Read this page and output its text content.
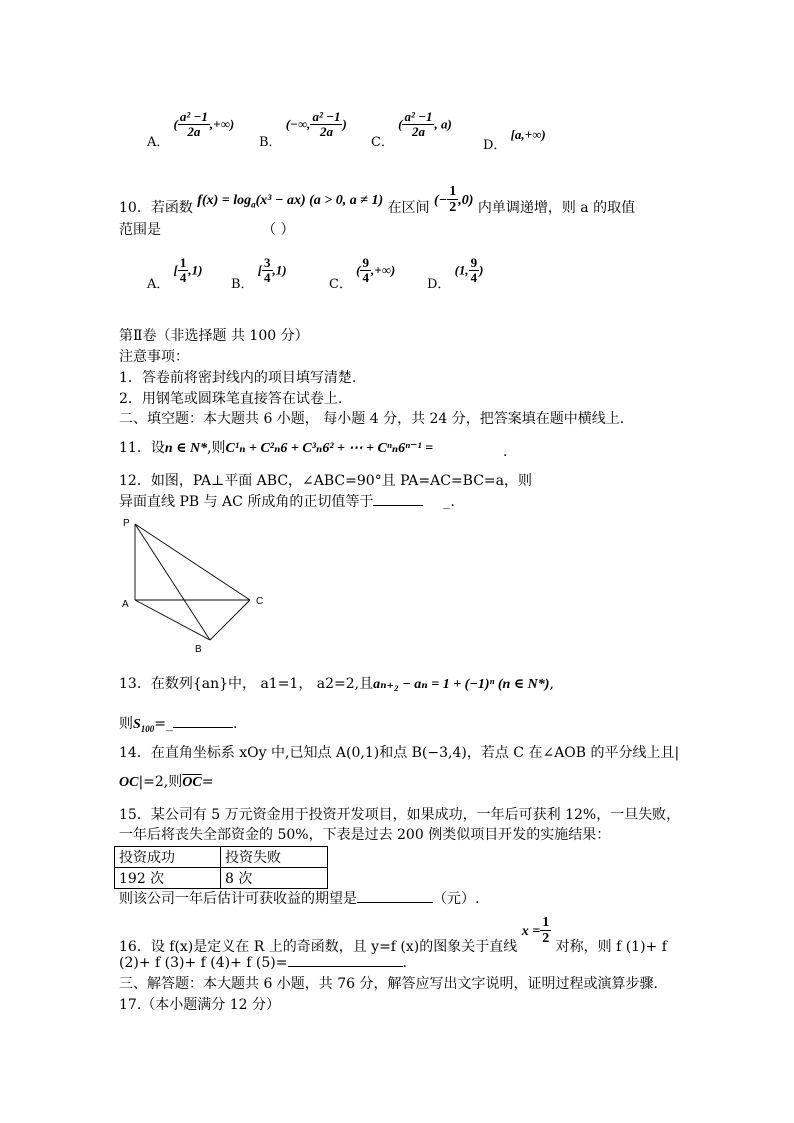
A． ( $\frac{\text{a² −1}}{2a}$ ,+∞)
B． (−∞, $\frac{\text{a² −1}}{2a}$ )
C． ( $\frac{\text{a² −1}}{2a}$ , a)
D． [a,+∞)
10．若函数 $f(x) = \log_a(x^3 - ax) (a > 0$, a ≠ 1) 在区间 (− $\frac{1}{2} ,0$) 内单调递增，则 a 的取值
范围是	（ ）
A． [ $\frac{1}{4} ,1$)
B． [ $\frac{3}{4} ,1$)
C． ( $\frac{9}{4}$ ,+∞)
D． (1, $\frac{9}{4}$ )
第Ⅱ卷（非选择题 共 100 分）
注意事项：
1．答卷前将密封线内的项目填写清楚.
2．用钢笔或圆珠笔直接答在试卷上.
二、填空题：本大题共 6 小题， 每小题 4 分，共 24 分，把答案填在题中横线上.
11．设n ∈ N*,则C¹ₙ + C²ₙ6 + C³ₙ6² + ⋯ + Cⁿₙ6ⁿ⁻¹ =	.
12．如图，PA⊥平面 ABC，∠ABC=90°且 PA=AC=BC=a，则
异面直线 PB 与 AC 所成角的正切值等于	_.
P
A	C
B
13．在数列{an}中， a1=1， a2=2,且aₙ₊₂ − aₙ = 1 + (−1)ⁿ (n ∈ N*),
则$S_{100}=\_$	.
14．在直角坐标系 xOy 中,已知点 A(0,1)和点 B(−3,4)，若点 C 在∠AOB 的平分线上且|
OC|=2,则$\overline{OC}=$
15．某公司有 5 万元资金用于投资开发项目，如果成功，一年后可获利 12%，一旦失败，
一年后将丧失全部资金的 50%，下表是过去 200 例类似项目开发的实施结果：
投资成功	投资失败
192 次	8 次
则该公司一年后估计可获收益的期望是	（元）.
16．设 f(x)是定义在 R 上的奇函数，且 y=f (x)的图象关于直线 $x = \frac{1}{2}$
对称，则 f (1)+ f
(2)+ f (3)+ f (4)+ f (5)=	.
三、解答题：本大题共 6 小题，共 76 分，解答应写出文字说明，证明过程或演算步骤.
17.（本小题满分 12 分）
